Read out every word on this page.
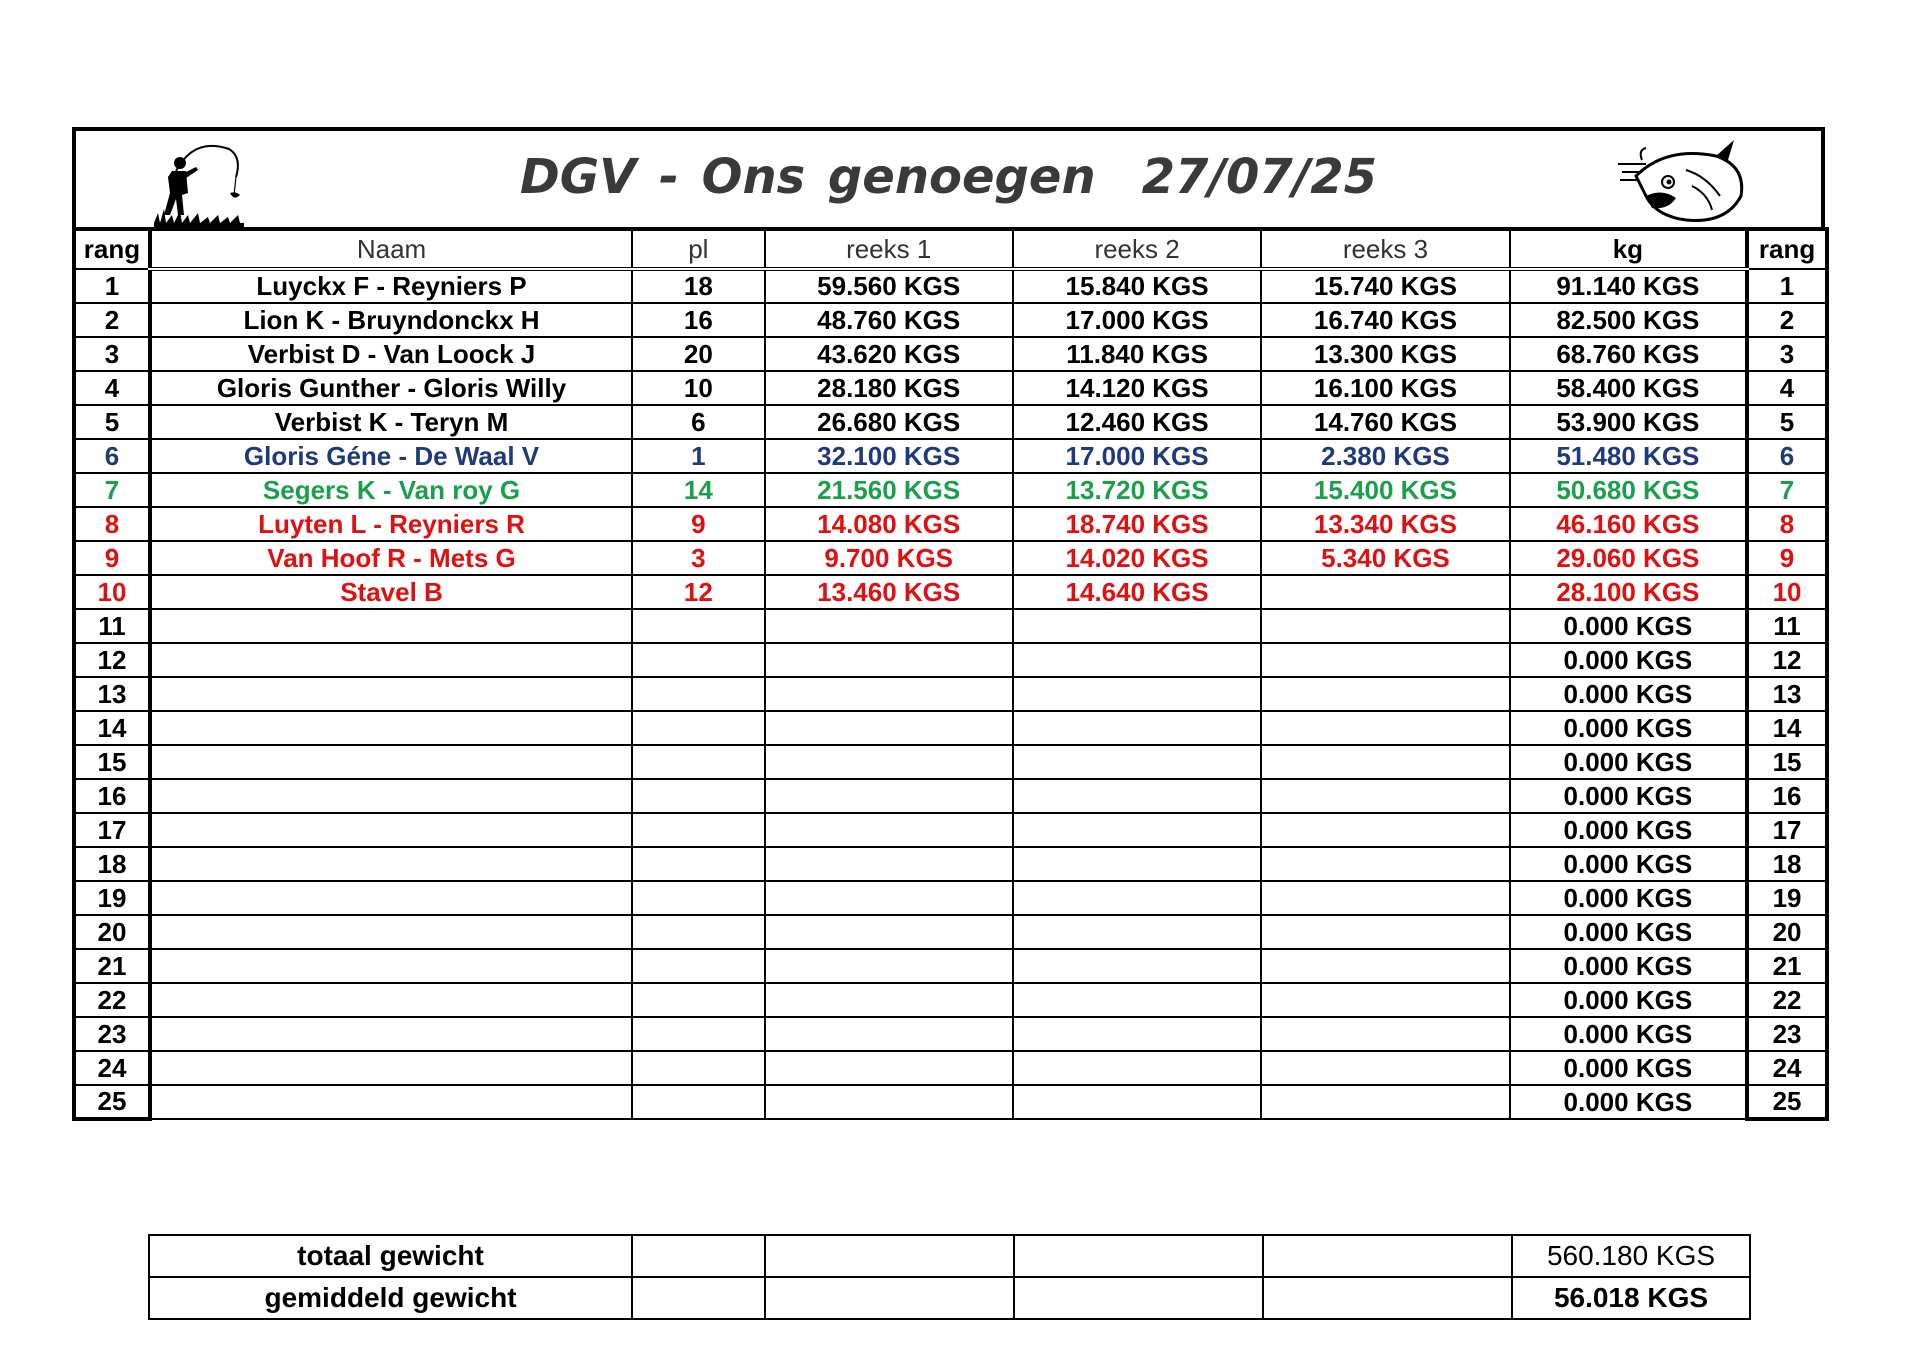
DGV - Ons genoegen 27/07/25
rang	Naam	pl	reeks 1	reeks 2	reeks 3	kg	rang
1	Luyckx F - Reyniers P	18	59.560 KGS	15.840 KGS	15.740 KGS	91.140 KGS	1
2	Lion K - Bruyndonckx H	16	48.760 KGS	17.000 KGS	16.740 KGS	82.500 KGS	2
3	Verbist D - Van Loock J	20	43.620 KGS	11.840 KGS	13.300 KGS	68.760 KGS	3
4	Gloris Gunther - Gloris Willy	10	28.180 KGS	14.120 KGS	16.100 KGS	58.400 KGS	4
5	Verbist K - Teryn M	6	26.680 KGS	12.460 KGS	14.760 KGS	53.900 KGS	5
6	Gloris Géne - De Waal V	1	32.100 KGS	17.000 KGS	2.380 KGS	51.480 KGS	6
7	Segers K - Van roy G	14	21.560 KGS	13.720 KGS	15.400 KGS	50.680 KGS	7
8	Luyten L - Reyniers R	9	14.080 KGS	18.740 KGS	13.340 KGS	46.160 KGS	8
9	Van Hoof R - Mets G	3	9.700 KGS	14.020 KGS	5.340 KGS	29.060 KGS	9
10	Stavel B	12	13.460 KGS	14.640 KGS		28.100 KGS	10
11						0.000 KGS	11
12						0.000 KGS	12
13						0.000 KGS	13
14						0.000 KGS	14
15						0.000 KGS	15
16						0.000 KGS	16
17						0.000 KGS	17
18						0.000 KGS	18
19						0.000 KGS	19
20						0.000 KGS	20
21						0.000 KGS	21
22						0.000 KGS	22
23						0.000 KGS	23
24						0.000 KGS	24
25						0.000 KGS	25
totaal gewicht					560.180 KGS
gemiddeld gewicht					56.018 KGS
